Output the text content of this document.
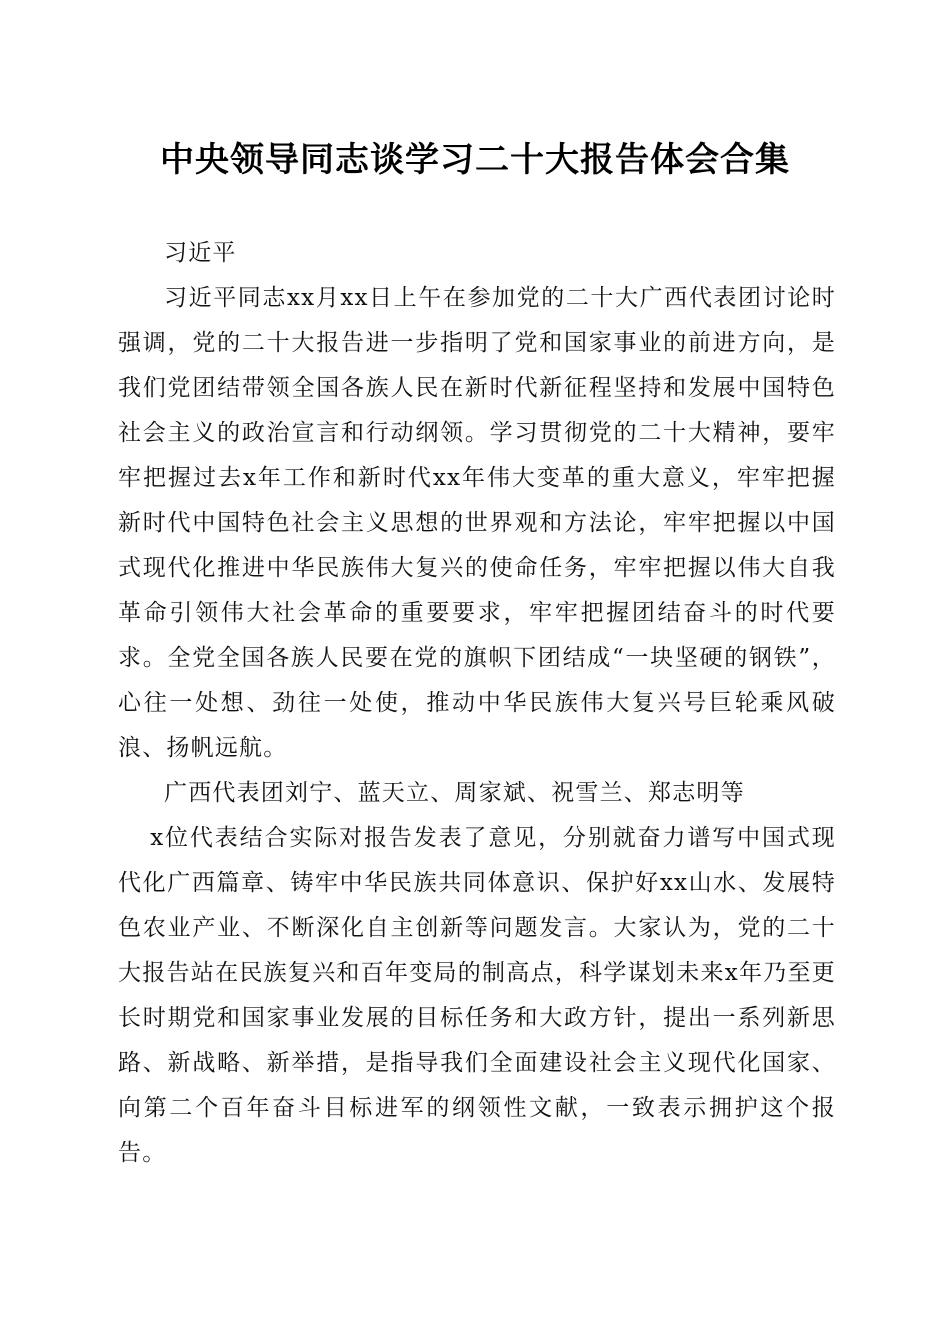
中央领导同志谈学习二十大报告体会合集

习近平

习近平同志xx月xx日上午在参加党的二十大广西代表团讨论时强调，党的二十大报告进一步指明了党和国家事业的前进方向，是我们党团结带领全国各族人民在新时代新征程坚持和发展中国特色社会主义的政治宣言和行动纲领。学习贯彻党的二十大精神，要牢牢把握过去x年工作和新时代xx年伟大变革的重大意义，牢牢把握新时代中国特色社会主义思想的世界观和方法论，牢牢把握以中国式现代化推进中华民族伟大复兴的使命任务，牢牢把握以伟大自我革命引领伟大社会革命的重要要求，牢牢把握团结奋斗的时代要求。全党全国各族人民要在党的旗帜下团结成“一块坚硬的钢铁”，心往一处想、劲往一处使，推动中华民族伟大复兴号巨轮乘风破浪、扬帆远航。

广西代表团刘宁、蓝天立、周家斌、祝雪兰、郑志明等

x位代表结合实际对报告发表了意见，分别就奋力谱写中国式现代化广西篇章、铸牢中华民族共同体意识、保护好xx山水、发展特色农业产业、不断深化自主创新等问题发言。大家认为，党的二十大报告站在民族复兴和百年变局的制高点，科学谋划未来x年乃至更长时期党和国家事业发展的目标任务和大政方针，提出一系列新思路、新战略、新举措，是指导我们全面建设社会主义现代化国家、向第二个百年奋斗目标进军的纲领性文献，一致表示拥护这个报告。
